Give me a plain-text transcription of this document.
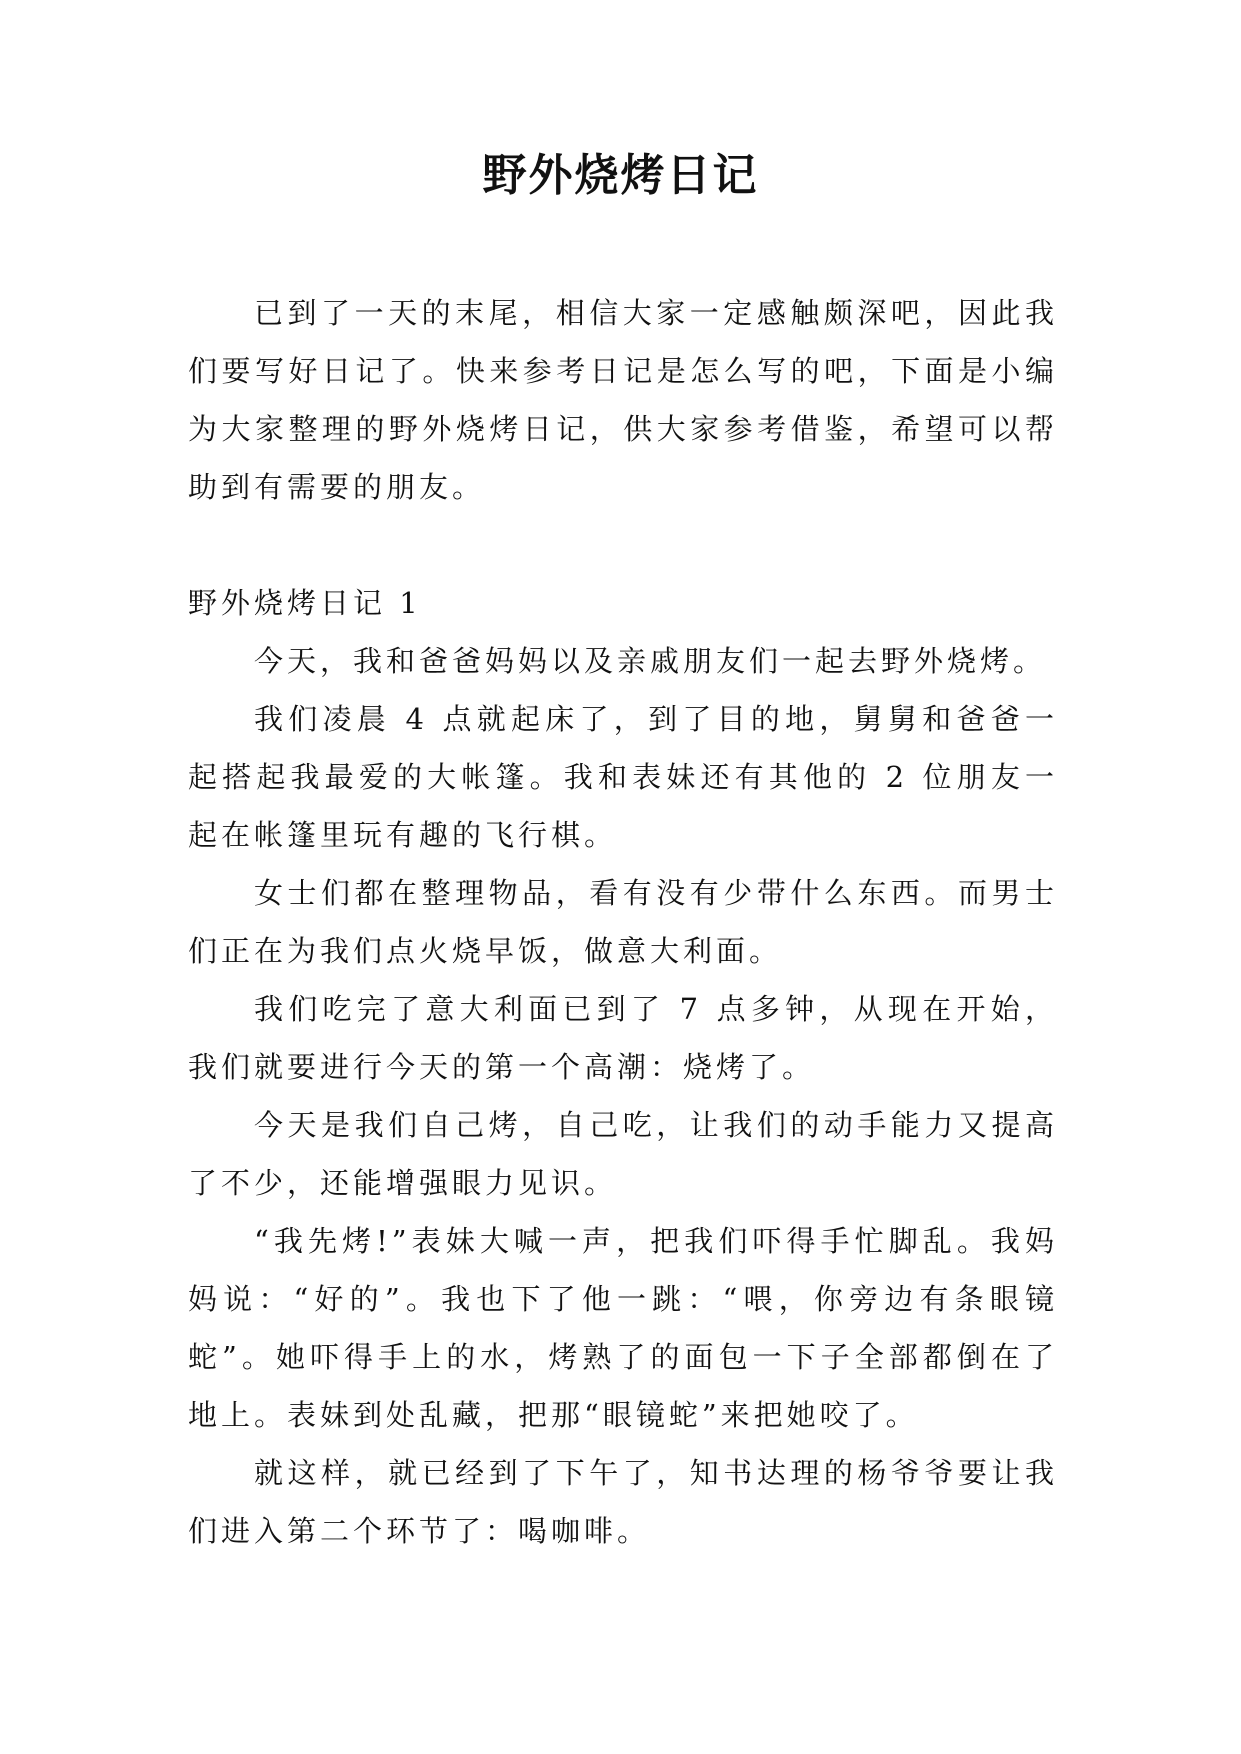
野外烧烤日记

已到了一天的末尾，相信大家一定感触颇深吧，因此我们要写好日记了。快来参考日记是怎么写的吧，下面是小编为大家整理的野外烧烤日记，供大家参考借鉴，希望可以帮助到有需要的朋友。

野外烧烤日记 1

今天，我和爸爸妈妈以及亲戚朋友们一起去野外烧烤。

我们凌晨 4 点就起床了，到了目的地，舅舅和爸爸一起搭起我最爱的大帐篷。我和表妹还有其他的 2 位朋友一起在帐篷里玩有趣的飞行棋。

女士们都在整理物品，看有没有少带什么东西。而男士们正在为我们点火烧早饭，做意大利面。

我们吃完了意大利面已到了 7 点多钟，从现在开始，我们就要进行今天的第一个高潮：烧烤了。

今天是我们自己烤，自己吃，让我们的动手能力又提高了不少，还能增强眼力见识。

“我先烤!”表妹大喊一声，把我们吓得手忙脚乱。我妈妈说：“好的”。我也下了他一跳：“喂，你旁边有条眼镜蛇”。她吓得手上的水，烤熟了的面包一下子全部都倒在了地上。表妹到处乱藏，把那“眼镜蛇”来把她咬了。

就这样，就已经到了下午了，知书达理的杨爷爷要让我们进入第二个环节了：喝咖啡。
